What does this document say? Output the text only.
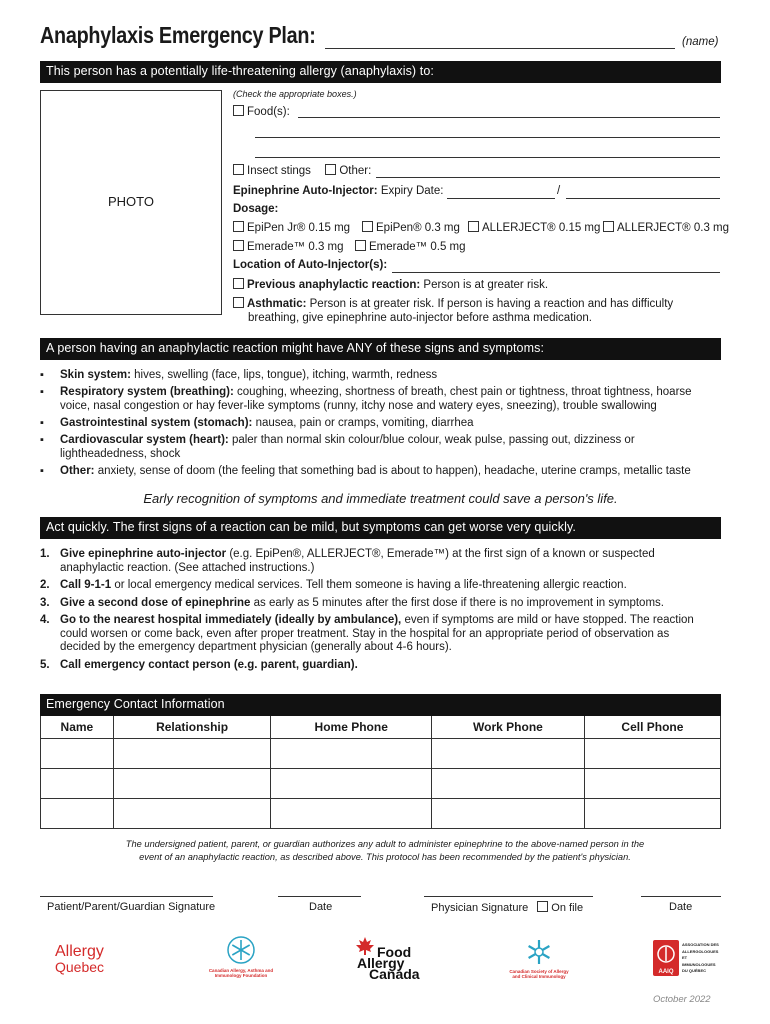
Anaphylaxis Emergency Plan:	(name)
This person has a potentially life-threatening allergy (anaphylaxis) to:
PHOTO
(Check the appropriate boxes.)
Food(s):
Insect stings Other:
Epinephrine Auto-Injector: Expiry Date:	/
Dosage:
EpiPen Jr® 0.15 mg	EpiPen® 0.3 mg	ALLERJECT® 0.15 mg	ALLERJECT® 0.3 mg
Emerade™ 0.3 mg	Emerade™ 0.5 mg
Location of Auto-Injector(s):
Previous anaphylactic reaction: Person is at greater risk.
Asthmatic: Person is at greater risk. If person is having a reaction and has difficulty
breathing, give epinephrine auto-injector before asthma medication.
A person having an anaphylactic reaction might have ANY of these signs and symptoms:
▪ Skin system: hives, swelling (face, lips, tongue), itching, warmth, redness
▪ Respiratory system (breathing): coughing, wheezing, shortness of breath, chest pain or tightness, throat tightness, hoarse voice, nasal congestion or hay fever-like symptoms (runny, itchy nose and watery eyes, sneezing), trouble swallowing
▪ Gastrointestinal system (stomach): nausea, pain or cramps, vomiting, diarrhea
▪ Cardiovascular system (heart): paler than normal skin colour/blue colour, weak pulse, passing out, dizziness or lightheadedness, shock
▪ Other: anxiety, sense of doom (the feeling that something bad is about to happen), headache, uterine cramps, metallic taste
Early recognition of symptoms and immediate treatment could save a person's life.
Act quickly. The first signs of a reaction can be mild, but symptoms can get worse very quickly.
1. Give epinephrine auto-injector (e.g. EpiPen®, ALLERJECT®, Emerade™) at the first sign of a known or suspected anaphylactic reaction. (See attached instructions.)
2. Call 9-1-1 or local emergency medical services. Tell them someone is having a life-threatening allergic reaction.
3. Give a second dose of epinephrine as early as 5 minutes after the first dose if there is no improvement in symptoms.
4. Go to the nearest hospital immediately (ideally by ambulance), even if symptoms are mild or have stopped. The reaction could worsen or come back, even after proper treatment. Stay in the hospital for an appropriate period of observation as decided by the emergency department physician (generally about 4-6 hours).
5. Call emergency contact person (e.g. parent, guardian).
Emergency Contact Information
Name	Relationship	Home Phone	Work Phone	Cell Phone

The undersigned patient, parent, or guardian authorizes any adult to administer epinephrine to the above-named person in the
event of an anaphylactic reaction, as described above. This protocol has been recommended by the patient's physician.
Patient/Parent/Guardian Signature	Date	Physician Signature On file	Date
Allergy
Quebec	Canadian Allergy, Asthma and Immunology Foundation
Food
Allergy
Canada	Canadian Society of Allergy and Clinical Immunology
AAIQ
ASSOCIATION DES ALLERGOLOGUES ET IMMUNOLOGUES DU QUÉBEC
October 2022
